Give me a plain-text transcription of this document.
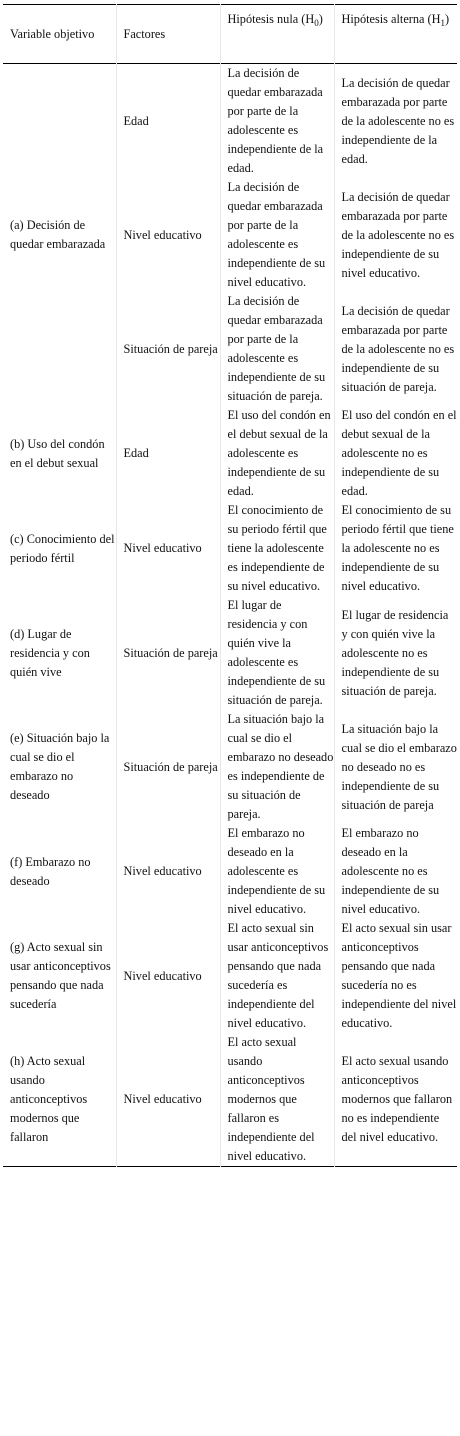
Variable objetivo	Factores	Hipótesis nula $(H_0)$	Hipótesis alterna $(H_1)$
(a) Decisión de quedar embarazada	Edad	La decisión de quedar embarazada por parte de la adolescente es independiente de la edad.	La decisión de quedar embarazada por parte de la adolescente no es independiente de la edad.
	Nivel educativo	La decisión de quedar embarazada por parte de la adolescente es independiente de su nivel educativo.	La decisión de quedar embarazada por parte de la adolescente no es independiente de su nivel educativo.
	Situación de pareja	La decisión de quedar embarazada por parte de la adolescente es independiente de su situación de pareja.	La decisión de quedar embarazada por parte de la adolescente no es independiente de su situación de pareja.
(b) Uso del condón en el debut sexual	Edad	El uso del condón en el debut sexual de la adolescente es independiente de su edad.	El uso del condón en el debut sexual de la adolescente no es independiente de su edad.
(c) Conocimiento del periodo fértil	Nivel educativo	El conocimiento de su periodo fértil que tiene la adolescente es independiente de su nivel educativo.	El conocimiento de su periodo fértil que tiene la adolescente no es independiente de su nivel educativo.
(d) Lugar de residencia y con quién vive	Situación de pareja	El lugar de residencia y con quién vive la adolescente es independiente de su situación de pareja.	El lugar de residencia y con quién vive la adolescente no es independiente de su situación de pareja.
(e) Situación bajo la cual se dio el embarazo no deseado	Situación de pareja	La situación bajo la cual se dio el embarazo no deseado es independiente de su situación de pareja.	La situación bajo la cual se dio el embarazo no deseado no es independiente de su situación de pareja
(f) Embarazo no deseado	Nivel educativo	El embarazo no deseado en la adolescente es independiente de su nivel educativo.	El embarazo no deseado en la adolescente no es independiente de su nivel educativo.
(g) Acto sexual sin usar anticonceptivos pensando que nada sucedería	Nivel educativo	El acto sexual sin usar anticonceptivos pensando que nada sucedería es independiente del nivel educativo.	El acto sexual sin usar anticonceptivos pensando que nada sucedería no es independiente del nivel educativo.
(h) Acto sexual usando anticonceptivos modernos que fallaron	Nivel educativo	El acto sexual usando anticonceptivos modernos que fallaron es independiente del nivel educativo.	El acto sexual usando anticonceptivos modernos que fallaron no es independiente del nivel educativo.
